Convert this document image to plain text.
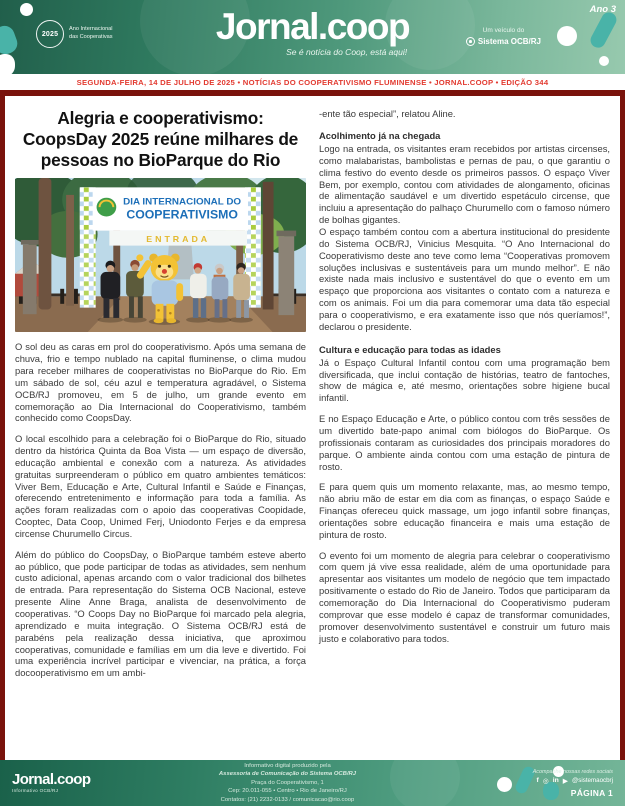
2025
Ano Internacional
das Cooperativas	Jornal.coop
Se é notícia do Coop, está aqui!
Ano 3
Um veículo do
Sistema OCB/RJ
SEGUNDA-FEIRA, 14 DE JULHO DE 2025 • NOTÍCIAS DO COOPERATIVISMO FLUMINENSE • JORNAL.COOP • EDIÇÃO 344
Alegria e cooperativismo: CoopsDay 2025 reúne milhares de pessoas no BioParque do Rio
DIA INTERNACIONAL DO
COOPERATIVISMO
ENTRADA

O sol deu as caras em prol do cooperativismo. Após uma semana de chuva, frio e tempo nublado na capital fluminense, o clima mudou para receber milhares de cooperativistas no BioParque do Rio. Em um sábado de sol, céu azul e temperatura agradável, o Sistema OCB/RJ promoveu, em 5 de julho, um grande evento em comemoração ao Dia Internacional do Cooperativismo, também conhecido como CoopsDay.

O local escolhido para a celebração foi o BioParque do Rio, situado dentro da histórica Quinta da Boa Vista — um espaço de diversão, educação ambiental e conexão com a natureza. As atividades gratuitas surpreenderam o público em quatro ambientes temáticos: Viver Bem, Educação e Arte, Cultural Infantil e Saúde e Finanças, oferecendo entretenimento e informação para toda a família. As ações foram realizadas com o apoio das cooperativas Coopidade, Cooptec, Data Coop, Unimed Ferj, Uniodonto Ferjes e da empresa circense Churumello Circus.

Além do público do CoopsDay, o BioParque também esteve aberto ao público, que pode participar de todas as atividades, sem nenhum custo adicional, apenas arcando com o valor tradicional dos bilhetes de entrada. Para representação do Sistema OCB Nacional, esteve presente Aline Anne Braga, analista de desenvolvimento de cooperativas. “O Coops Day no BioParque foi marcado pela alegria, aprendizado e muita integração. O Sistema OCB/RJ está de parabéns pela realização dessa iniciativa, que aproximou cooperativas, comunidade e famílias em um dia leve e divertido. Foi uma experiência incrível participar e vivenciar, na prática, a força docooperativismo em um ambi-

-ente tão especial”, relatou Aline.

Acolhimento já na chegada

Logo na entrada, os visitantes eram recebidos por artistas circenses, como malabaristas, bambolistas e pernas de pau, o que garantiu o clima festivo do evento desde os primeiros passos. O espaço Viver Bem, por exemplo, contou com atividades de alongamento, oficinas de alimentação saudável e um divertido espetáculo circense, que incluiu a apresentação do palhaço Churumello com o famoso número de bolhas gigantes.

O espaço também contou com a abertura institucional do presidente do Sistema OCB/RJ, Vinicius Mesquita. “O Ano Internacional do Cooperativismo deste ano teve como lema “Cooperativas promovem soluções inclusivas e sustentáveis para um mundo melhor”. E não existe nada mais inclusivo e sustentável do que o evento em um espaço que proporciona aos visitantes o contato com a natureza e com os animais. Foi um dia para comemorar uma data tão especial para o cooperativismo, e era exatamente isso que nós queríamos!”, declarou o presidente.

Cultura e educação para todas as idades

Já o Espaço Cultural Infantil contou com uma programação bem diversificada, que inclui contação de histórias, teatro de fantoches, show de mágica e, até mesmo, orientações sobre higiene bucal infantil.

E no Espaço Educação e Arte, o público contou com três sessões de um divertido bate-papo animal com biólogos do BioParque. Os profissionais contaram as curiosidades dos principais moradores do parque. O ambiente ainda contou com uma estação de pintura de rosto.

E para quem quis um momento relaxante, mas, ao mesmo tempo, não abriu mão de estar em dia com as finanças, o espaço Saúde e Finanças ofereceu quick massage, um jogo infantil sobre finanças, orientações sobre educação financeira e mais uma estação de pintura de rosto.

O evento foi um momento de alegria para celebrar o cooperativismo com quem já vive essa realidade, além de uma oportunidade para apresentar aos visitantes um modelo de negócio que tem impactado positivamente o estado do Rio de Janeiro. Todos que participaram da comemoração do Dia Internacional do Cooperativismo puderam comprovar que esse modelo é capaz de transformar comunidades, promover desenvolvimento sustentável e construir um futuro mais justo e colaborativo para todos.

Jornal.coop
Informativo OCB/RJ
Informativo digital produzido pela
Assessoria de Comunicação do Sistema OCB/RJ
Praça do Cooperativismo, 1
Cep: 20.011-055 • Centro • Rio de Janeiro/RJ
Contatos: (21) 2232-0133 / comunicacao@rio.coop
Acompanhe nossas redes sociais
f ◎ in ▶ @sistemaocbrj
PÁGINA 1
